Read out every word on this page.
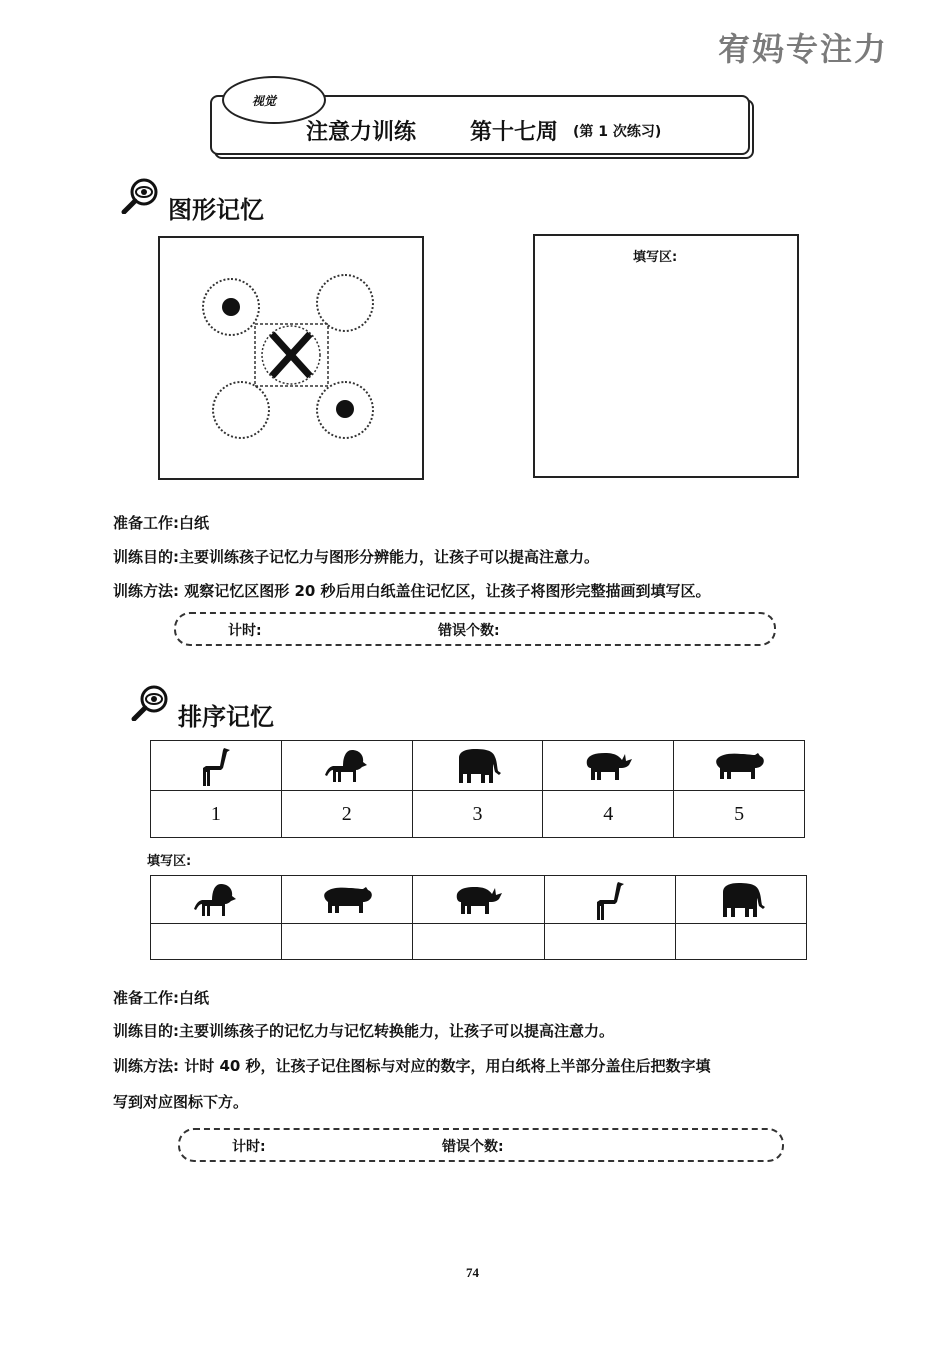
宥妈专注力
视觉
注意力训练 第十七周 (第 1 次练习)
图形记忆
填写区:
准备工作:白纸
训练目的:主要训练孩子记忆力与图形分辨能力，让孩子可以提高注意力。
训练方法: 观察记忆区图形 20 秒后用白纸盖住记忆区，让孩子将图形完整描画到填写区。
计时:	错误个数:
排序记忆

1	2	3	4	5
填写区:

准备工作:白纸
训练目的:主要训练孩子的记忆力与记忆转换能力，让孩子可以提高注意力。
训练方法: 计时 40 秒，让孩子记住图标与对应的数字，用白纸将上半部分盖住后把数字填
写到对应图标下方。
计时:	错误个数:
74
